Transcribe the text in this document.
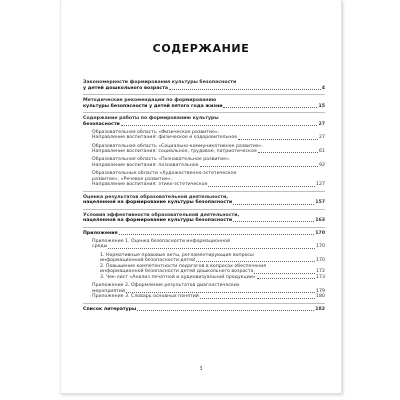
СОДЕРЖАНИЕ
Закономерности формирования культуры безопасности
у детей дошкольного возраста	4
Методические рекомендации по формированию
культуры безопасности у детей пятого года жизни	15
Содержание работы по формированию культуры
безопасности	27
Образовательная область «Физическое развитие».
Направление воспитания: физическое и оздоровительное	27
Образовательная область «Социально-коммуникативное развитие».
Направление воспитания: социальное, трудовое, патриотическое	61
Образовательная область «Познавательное развитие».
Направление воспитания: познавательное	92
Образовательные области «Художественно-эстетическое
развитие», «Речевое развитие».
Направление воспитания: этико-эстетическое	127
Оценка результатов образовательной деятельности,
нацеленной на формирование культуры безопасности	157
Условия эффективности образовательной деятельности,
нацеленной на формирование культуры безопасности	163
Приложения	170
Приложение 1. Оценка безопасности информационной
среды	170
1. Нормативные правовые акты, регламентирующие вопросы
информационной безопасности детей	170
2. Повышение компетентности педагогов в вопросах обеспечения
информационной безопасности детей дошкольного возраста	172
3. Чек-лист «Анализ печатной и аудиовизуальной продукции»	173
Приложение 2. Оформление результатов диагностических
мероприятий	179
Приложение 3. Словарь основных понятий	180
Список литературы	182
3
